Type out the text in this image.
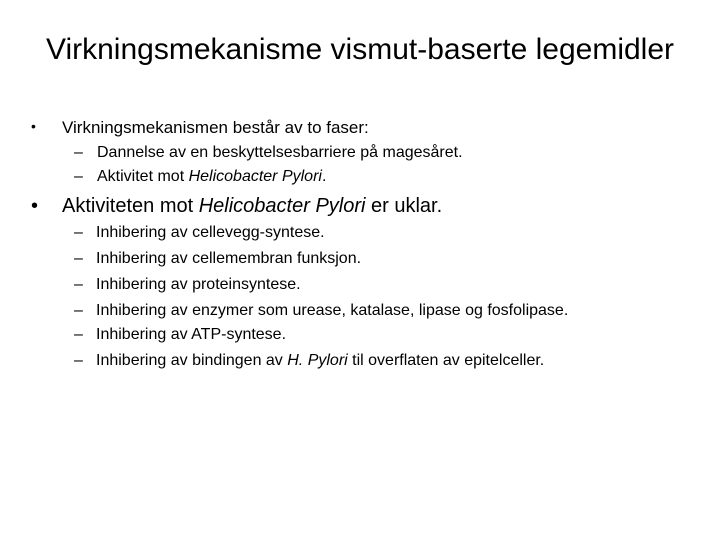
Virkningsmekanisme vismut-baserte legemidler
• Virkningsmekanismen består av to faser:
– Dannelse av en beskyttelsesbarriere på magesåret.
– Aktivitet mot Helicobacter Pylori.
• Aktiviteten mot Helicobacter Pylori er uklar.
– Inhibering av cellevegg-syntese.
– Inhibering av cellemembran funksjon.
– Inhibering av proteinsyntese.
– Inhibering av enzymer som urease, katalase, lipase og fosfolipase.
– Inhibering av ATP-syntese.
– Inhibering av bindingen av H. Pylori til overflaten av epitelceller.
